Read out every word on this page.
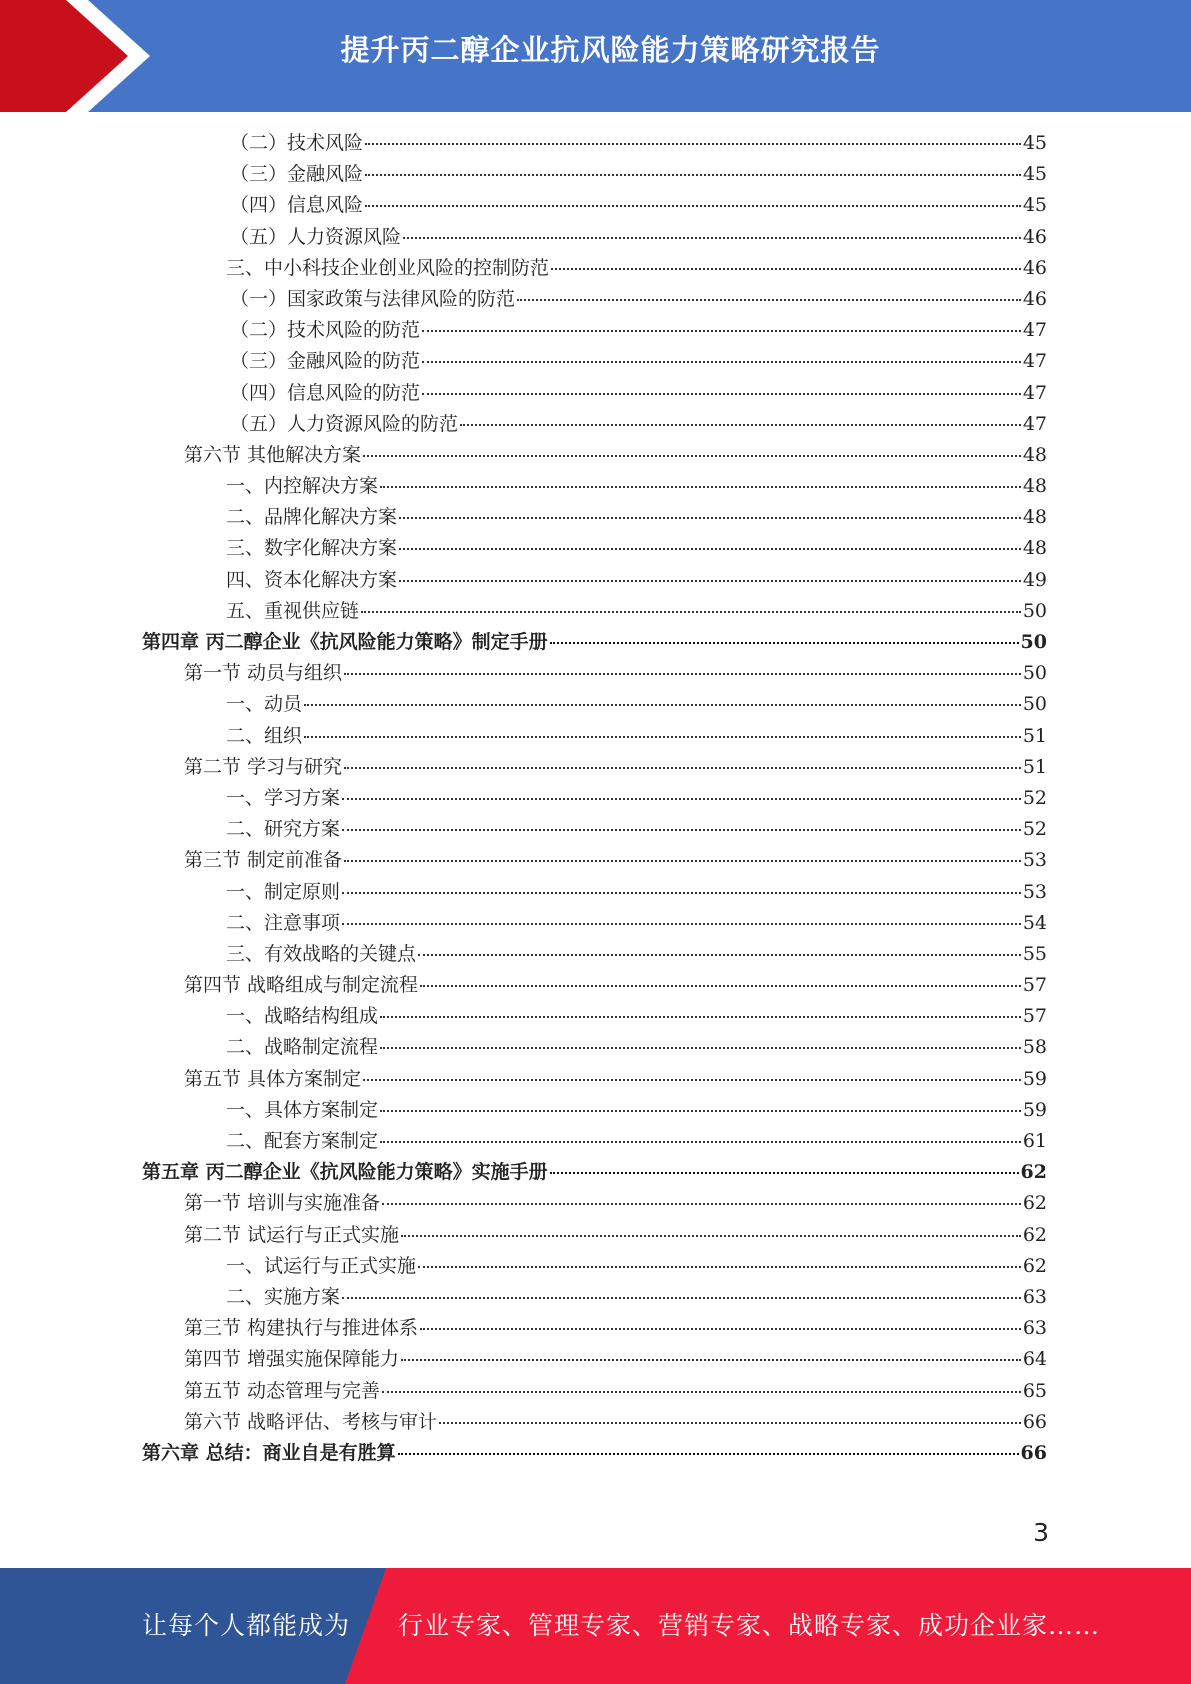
提升丙二醇企业抗风险能力策略研究报告
（二）技术风险	45
（三）金融风险	45
（四）信息风险	45
（五）人力资源风险	46
三、中小科技企业创业风险的控制防范	46
（一）国家政策与法律风险的防范	46
（二）技术风险的防范	47
（三）金融风险的防范	47
（四）信息风险的防范	47
（五）人力资源风险的防范	47
第六节 其他解决方案	48
一、内控解决方案	48
二、品牌化解决方案	48
三、数字化解决方案	48
四、资本化解决方案	49
五、重视供应链	50
第四章 丙二醇企业《抗风险能力策略》制定手册	50
第一节 动员与组织	50
一、动员	50
二、组织	51
第二节 学习与研究	51
一、学习方案	52
二、研究方案	52
第三节 制定前准备	53
一、制定原则	53
二、注意事项	54
三、有效战略的关键点	55
第四节 战略组成与制定流程	57
一、战略结构组成	57
二、战略制定流程	58
第五节 具体方案制定	59
一、具体方案制定	59
二、配套方案制定	61
第五章 丙二醇企业《抗风险能力策略》实施手册	62
第一节 培训与实施准备	62
第二节 试运行与正式实施	62
一、试运行与正式实施	62
二、实施方案	63
第三节 构建执行与推进体系	63
第四节 增强实施保障能力	64
第五节 动态管理与完善	65
第六节 战略评估、考核与审计	66
第六章 总结：商业自是有胜算	66
3
让每个人都能成为 行业专家、管理专家、营销专家、战略专家、成功企业家……
